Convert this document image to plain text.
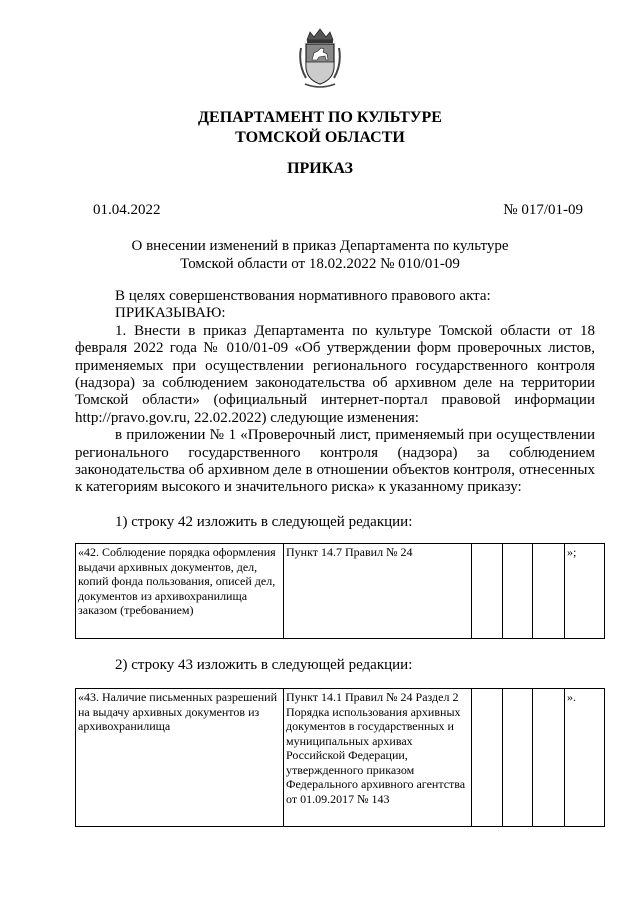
ДЕПАРТАМЕНТ ПО КУЛЬТУРЕ
ТОМСКОЙ ОБЛАСТИ
ПРИКАЗ
01.04.2022	№ 017/01-09
О внесении изменений в приказ Департамента по культуре
Томской области от 18.02.2022 № 010/01-09

В целях совершенствования нормативного правового акта:

ПРИКАЗЫВАЮ:

1. Внести в приказ Департамента по культуре Томской области от 18 февраля 2022 года № 010/01-09 «Об утверждении форм проверочных листов, применяемых при осуществлении регионального государственного контроля (надзора) за соблюдением законодательства об архивном деле на территории Томской области» (официальный интернет-портал правовой информации http://pravo.gov.ru, 22.02.2022) следующие изменения:

в приложении № 1 «Проверочный лист, применяемый при осуществлении регионального государственного контроля (надзора) за соблюдением законодательства об архивном деле в отношении объектов контроля, отнесенных к категориям высокого и значительного риска» к указанному приказу:

1) строку 42 изложить в следующей редакции:
«42. Соблюдение порядка оформления выдачи архивных документов, дел, копий фонда пользования, описей дел, документов из архивохранилища заказом (требованием)	Пункт 14.7 Правил № 24				»;
2) строку 43 изложить в следующей редакции:
«43. Наличие письменных разрешений на выдачу архивных документов из архивохранилища	Пункт 14.1 Правил № 24 Раздел 2 Порядка использования архивных документов в государственных и муниципальных архивах Российской Федерации, утвержденного приказом Федерального архивного агентства от 01.09.2017 № 143				».
